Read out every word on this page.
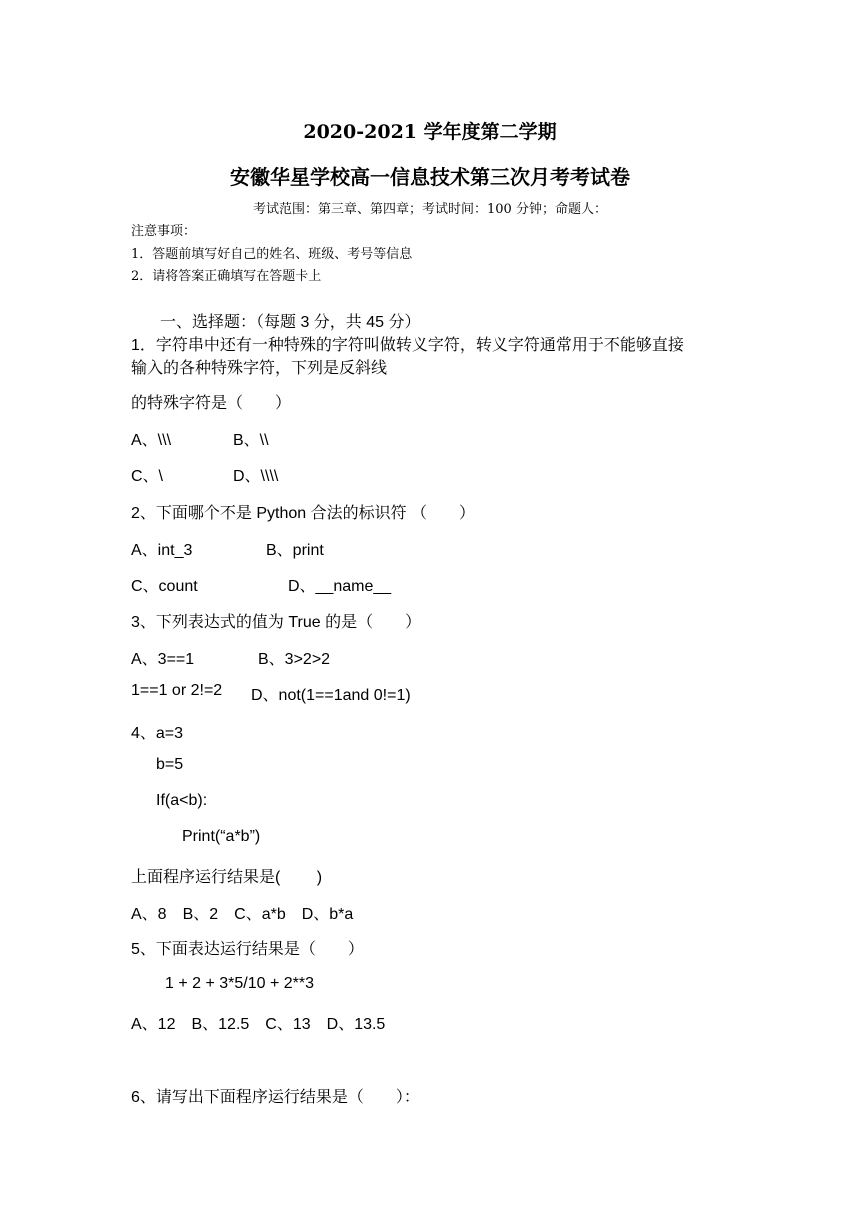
2020-2021 学年度第二学期
安徽华星学校高一信息技术第三次月考考试卷
考试范围：第三章、第四章；考试时间：100 分钟；命题人：
注意事项：
1．答题前填写好自己的姓名、班级、考号等信息
2．请将答案正确填写在答题卡上
一、选择题：（每题 3 分，共 45 分）
1．字符串中还有一种特殊的字符叫做转义字符，转义字符通常用于不能够直接
输入的各种特殊字符，下列是反斜线
的特殊字符是（　　）
A、\\\	B、\\
C、\	D、\\\\
2、下面哪个不是 Python 合法的标识符 （　　）
A、int_3	B、print
C、count	D、__name__
3、下列表达式的值为 True 的是（　　）
A、3==1	B、3>2>2
1==1 or 2!=2 D、not(1==1and 0!=1)
4、a=3
b=5
If(a<b):
Print(“a*b”)
上面程序运行结果是(　　 )
A、8　B、2　C、a*b　D、b*a
5、下面表达运行结果是（　　）
1 + 2 + 3*5/10 + 2**3
A、12　B、12.5　C、13　D、13.5
6、请写出下面程序运行结果是（　　）：
